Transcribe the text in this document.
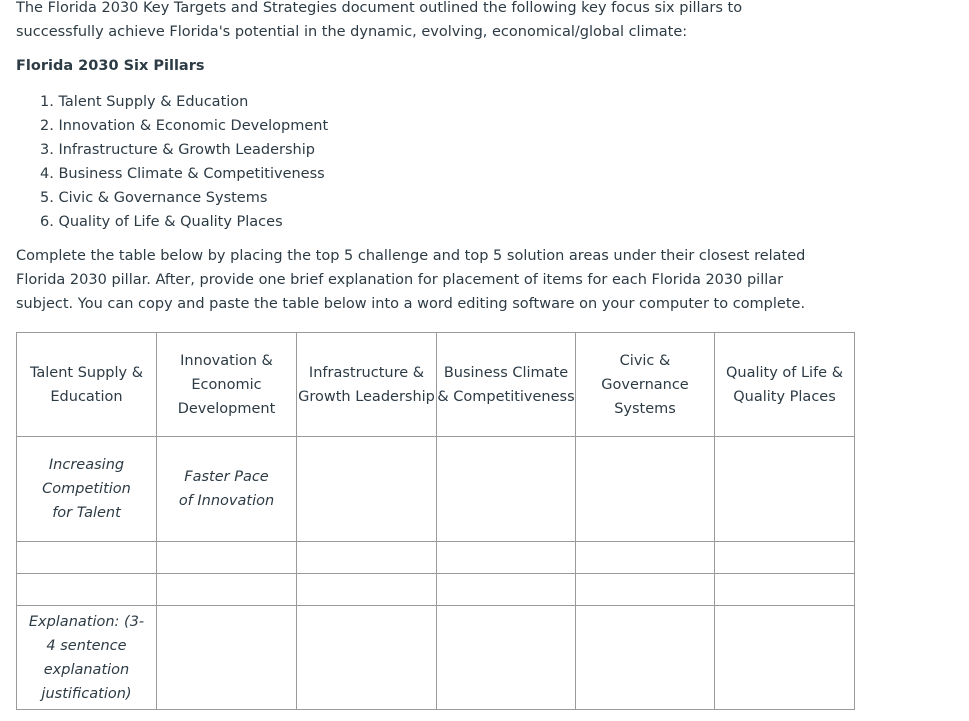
The Florida 2030 Key Targets and Strategies document outlined the following key focus six pillars to successfully achieve Florida's potential in the dynamic, evolving, economical/global climate:

Florida 2030 Six Pillars

1. Talent Supply & Education
2. Innovation & Economic Development
3. Infrastructure & Growth Leadership
4. Business Climate & Competitiveness
5. Civic & Governance Systems
6. Quality of Life & Quality Places

Complete the table below by placing the top 5 challenge and top 5 solution areas under their closest related Florida 2030 pillar. After, provide one brief explanation for placement of items for each Florida 2030 pillar subject. You can copy and paste the table below into a word editing software on your computer to complete.

Talent Supply & Education	Innovation & Economic Development	Infrastructure & Growth Leadership	Business Climate & Competitiveness	Civic & Governance Systems	Quality of Life & Quality Places
Increasing Competition for Talent	Faster Pace of Innovation				

Explanation: (3-4 sentence explanation justification)					
